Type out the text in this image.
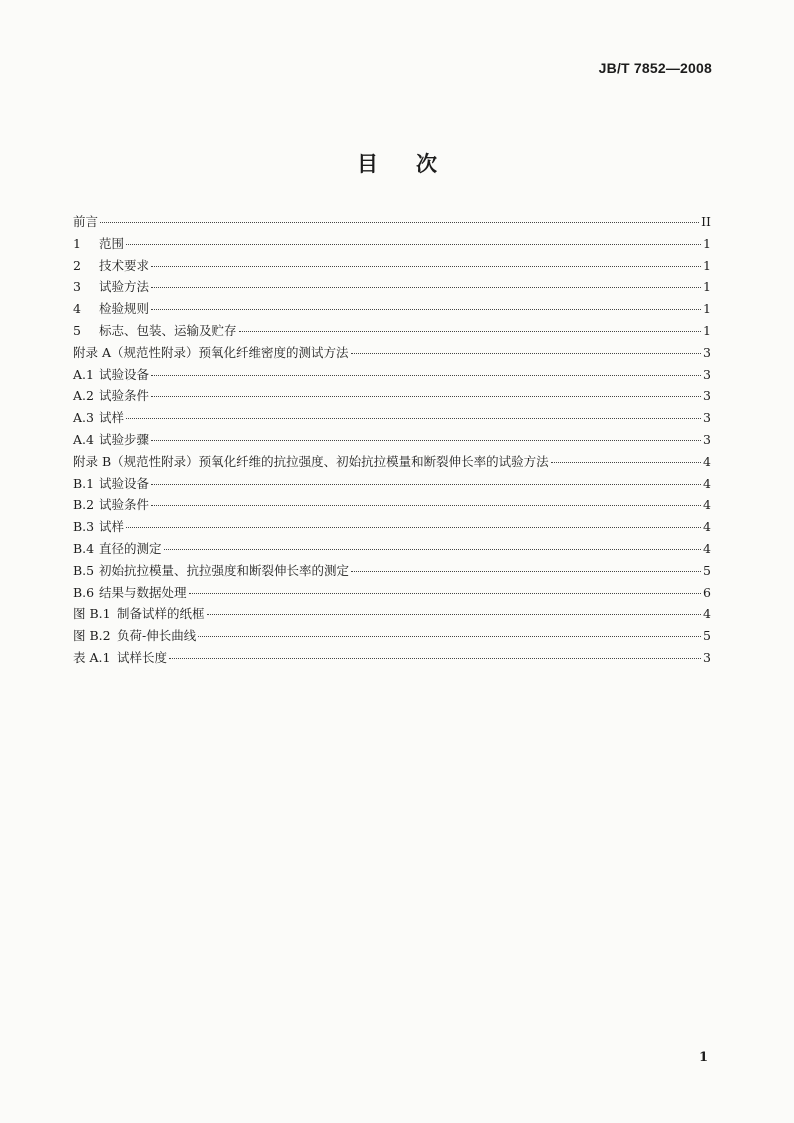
JB/T 7852—2008
目 次
前言	II
1	范围	1
2	技术要求	1
3	试验方法	1
4	检验规则	1
5	标志、包装、运输及贮存	1
附录 A（规范性附录）预氧化纤维密度的测试方法	3
A.1 试验设备	3
A.2 试验条件	3
A.3 试样	3
A.4 试验步骤	3
附录 B（规范性附录）预氧化纤维的抗拉强度、初始抗拉模量和断裂伸长率的试验方法	4
B.1 试验设备	4
B.2 试验条件	4
B.3 试样	4
B.4 直径的测定	4
B.5 初始抗拉模量、抗拉强度和断裂伸长率的测定	5
B.6 结果与数据处理	6
图 B.1 制备试样的纸框	4
图 B.2 负荷-伸长曲线	5
表 A.1 试样长度	3
1
